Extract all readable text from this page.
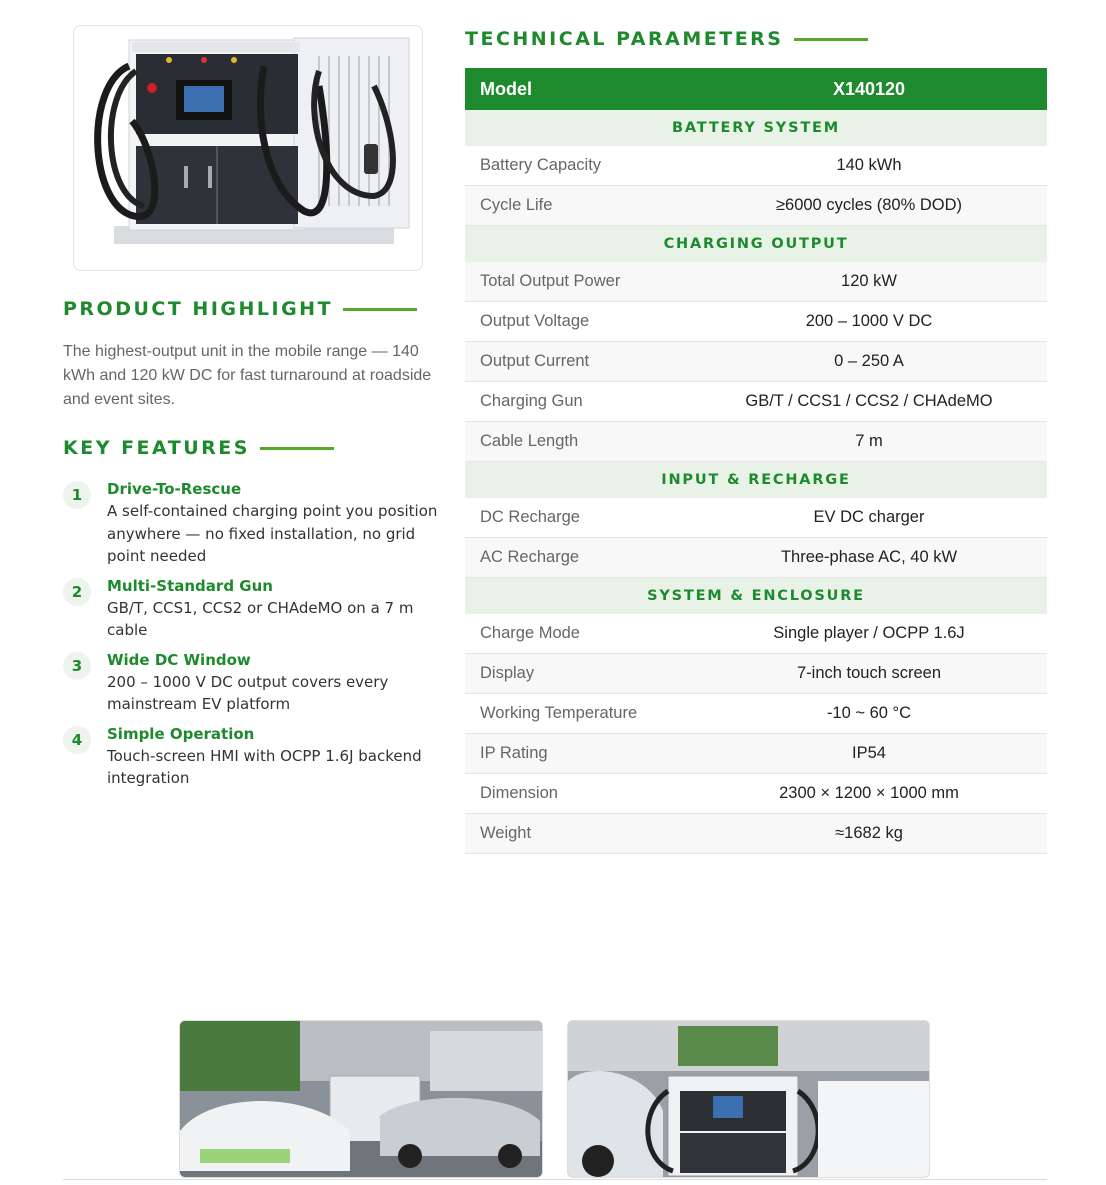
PRODUCT HIGHLIGHT
The highest-output unit in the mobile range — 140 kWh and 120 kW DC for fast turnaround at roadside and event sites.
KEY FEATURES
1	Drive-To-Rescue
A self-contained charging point you position anywhere — no fixed installation, no grid point needed
2	Multi-Standard Gun
GB/T, CCS1, CCS2 or CHAdeMO on a 7 m cable
3	Wide DC Window
200 – 1000 V DC output covers every mainstream EV platform
4	Simple Operation
Touch-screen HMI with OCPP 1.6J backend integration
TECHNICAL PARAMETERS
Model	X140120
BATTERY SYSTEM
Battery Capacity	140 kWh
Cycle Life	≥6000 cycles (80% DOD)
CHARGING OUTPUT
Total Output Power	120 kW
Output Voltage	200 – 1000 V DC
Output Current	0 – 250 A
Charging Gun	GB/T / CCS1 / CCS2 / CHAdeMO
Cable Length	7 m
INPUT & RECHARGE
DC Recharge	EV DC charger
AC Recharge	Three-phase AC, 40 kW
SYSTEM & ENCLOSURE
Charge Mode	Single player / OCPP 1.6J
Display	7-inch touch screen
Working Temperature	-10 ~ 60 °C
IP Rating	IP54
Dimension	2300 × 1200 × 1000 mm
Weight	≈1682 kg
